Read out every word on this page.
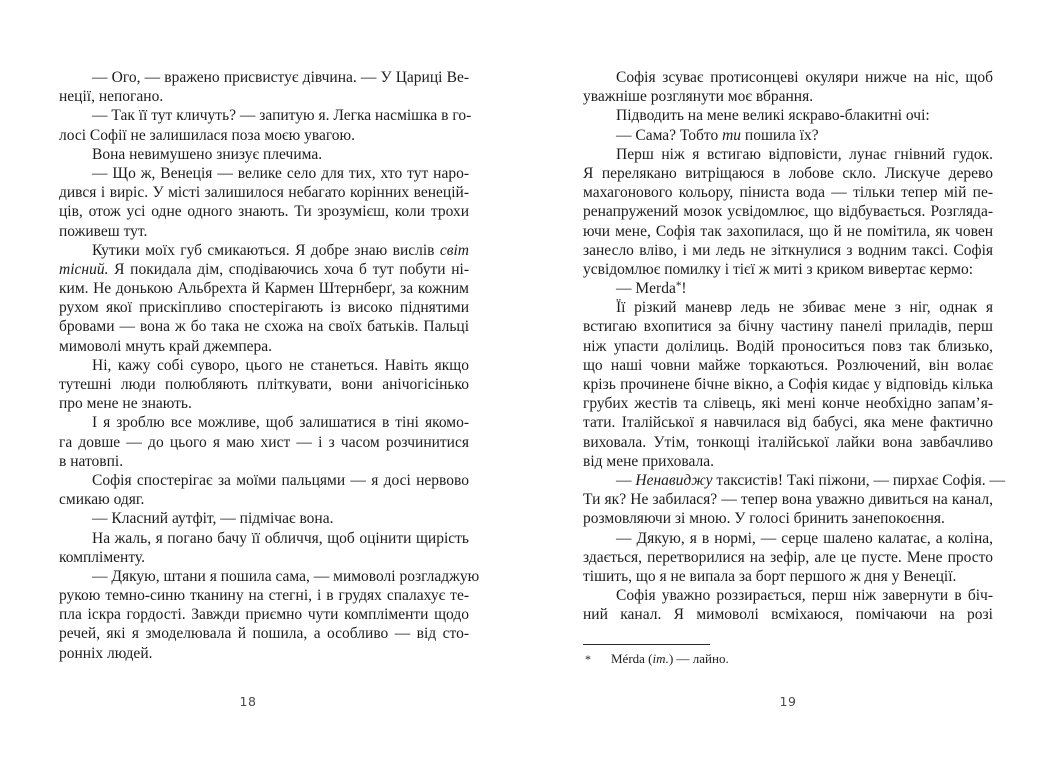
— Ого, — вражено присвистує дівчина. — У Цариці Ве-
неції, непогано.
— Так її тут кличуть? — запитую я. Легка насмішка в го-
лосі Софії не залишилася поза моєю увагою.
Вона невимушено знизує плечима.
— Що ж, Венеція — велике село для тих, хто тут наро-
дився і виріс. У місті залишилося небагато корінних венецій-
ців, отож усі одне одного знають. Ти зрозумієш, коли трохи
поживеш тут.
Кутики моїх губ смикаються. Я добре знаю вислів світ
тісний. Я покидала дім, сподіваючись хоча б тут побути ні-
ким. Не донькою Альбрехта й Кармен Штернберґ, за кожним
рухом якої прискіпливо спостерігають із високо піднятими
бровами — вона ж бо така не схожа на своїх батьків. Пальці
мимоволі мнуть край джемпера.
Ні, кажу собі суворо, цього не станеться. Навіть якщо
тутешні люди полюбляють пліткувати, вони анічогісінько
про мене не знають.
І я зроблю все можливе, щоб залишатися в тіні якомо-
га довше — до цього я маю хист — і з часом розчинитися
в натовпі.
Софія спостерігає за моїми пальцями — я досі нервово
смикаю одяг.
— Класний аутфіт, — підмічає вона.
На жаль, я погано бачу її обличчя, щоб оцінити щирість
компліменту.
— Дякую, штани я пошила сама, — мимоволі розгладжую
рукою темно-синю тканину на стегні, і в грудях спалахує те-
пла іскра гордості. Завжди приємно чути компліменти щодо
речей, які я змоделювала й пошила, а особливо — від сто-
ронніх людей.
Софія зсуває протисонцеві окуляри нижче на ніс, щоб
уважніше розглянути моє вбрання.
Підводить на мене великі яскраво-блакитні очі:
— Сама? Тобто ти пошила їх?
Перш ніж я встигаю відповісти, лунає гнівний гудок.
Я перелякано витріщаюся в лобове скло. Лискуче дерево
махагонового кольору, піниста вода — тільки тепер мій пе-
ренапружений мозок усвідомлює, що відбувається. Розгляда-
ючи мене, Софія так захопилася, що й не помітила, як човен
занесло вліво, і ми ледь не зіткнулися з водним таксі. Софія
усвідомлює помилку і тієї ж миті з криком вивертає кермо:
— Merda*!
Її різкий маневр ледь не збиває мене з ніг, однак я
встигаю вхопитися за бічну частину панелі приладів, перш
ніж упасти долілиць. Водій проноситься повз так близько,
що наші човни майже торкаються. Розлючений, він волає
крізь прочинене бічне вікно, а Софія кидає у відповідь кілька
грубих жестів та слівець, які мені конче необхідно запам’я-
тати. Італійської я навчилася від бабусі, яка мене фактично
виховала. Утім, тонкощі італійської лайки вона завбачливо
від мене приховала.
— Ненавиджу таксистів! Такі піжони, — пирхає Софія. —
Ти як? Не забилася? — тепер вона уважно дивиться на канал,
розмовляючи зі мною. У голосі бринить занепокоєння.
— Дякую, я в нормі, — серце шалено калатає, а коліна,
здається, перетворилися на зефір, але це пусте. Мене просто
тішить, що я не випала за борт першого ж дня у Венеції.
Софія уважно роззирається, перш ніж завернути в біч-
ний канал. Я мимоволі всміхаюся, помічаючи на розі
* Mérda (іт.) — лайно.
18	19
